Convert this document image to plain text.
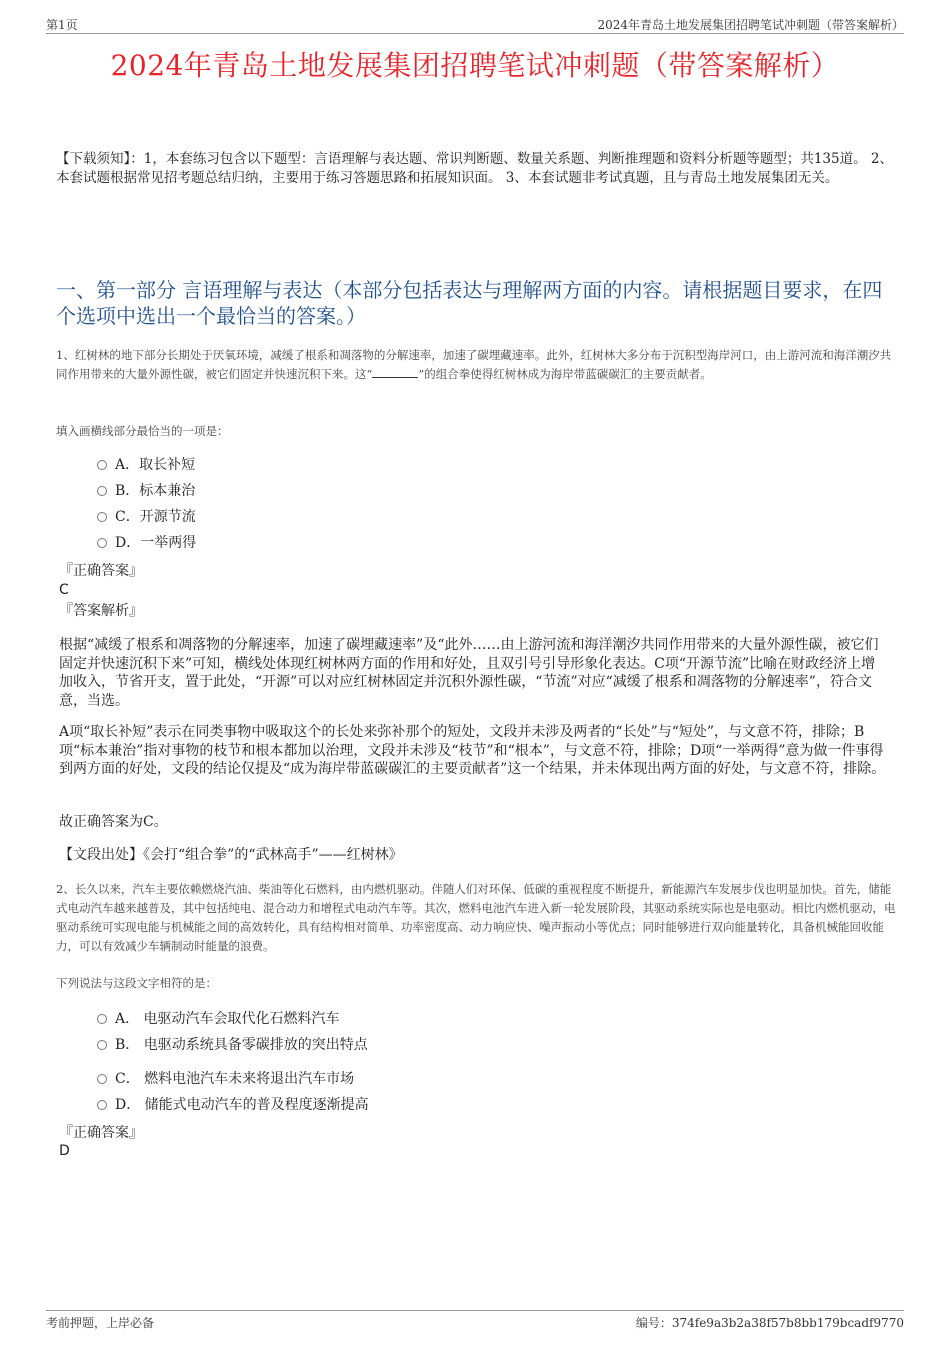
第1页	2024年青岛土地发展集团招聘笔试冲刺题（带答案解析）
2024年青岛土地发展集团招聘笔试冲刺题（带答案解析）
【下载须知】：1，本套练习包含以下题型：言语理解与表达题、常识判断题、数量关系题、判断推理题和资料分析题等题型；共135道。 2、本套试题根据常见招考题总结归纳，主要用于练习答题思路和拓展知识面。 3、本套试题非考试真题，且与青岛土地发展集团无关。
一、第一部分 言语理解与表达（本部分包括表达与理解两方面的内容。请根据题目要求，在四个选项中选出一个最恰当的答案。）
1、红树林的地下部分长期处于厌氧环境，减缓了根系和凋落物的分解速率，加速了碳埋藏速率。此外，红树林大多分布于沉积型海岸河口，由上游河流和海洋潮汐共同作用带来的大量外源性碳，被它们固定并快速沉积下来。这“	”的组合拳使得红树林成为海岸带蓝碳碳汇的主要贡献者。
填入画横线部分最恰当的一项是：
A．取长补短
B．标本兼治
C．开源节流
D．一举两得
『正确答案』
C
『答案解析』
根据“减缓了根系和凋落物的分解速率，加速了碳埋藏速率”及“此外……由上游河流和海洋潮汐共同作用带来的大量外源性碳，被它们固定并快速沉积下来”可知，横线处体现红树林两方面的作用和好处，且双引号引导形象化表达。C项“开源节流”比喻在财政经济上增加收入，节省开支，置于此处，“开源”可以对应红树林固定并沉积外源性碳，“节流”对应“减缓了根系和凋落物的分解速率”，符合文意，当选。
A项“取长补短”表示在同类事物中吸取这个的长处来弥补那个的短处，文段并未涉及两者的“长处”与“短处”，与文意不符，排除；B项“标本兼治”指对事物的枝节和根本都加以治理，文段并未涉及“枝节”和“根本”，与文意不符，排除；D项“一举两得”意为做一件事得到两方面的好处，文段的结论仅提及“成为海岸带蓝碳碳汇的主要贡献者”这一个结果，并未体现出两方面的好处，与文意不符，排除。
故正确答案为C。
【文段出处】《会打“组合拳”的“武林高手”——红树林》
2、长久以来，汽车主要依赖燃烧汽油、柴油等化石燃料，由内燃机驱动。伴随人们对环保、低碳的重视程度不断提升，新能源汽车发展步伐也明显加快。首先，储能式电动汽车越来越普及，其中包括纯电、混合动力和增程式电动汽车等。其次，燃料电池汽车进入新一轮发展阶段，其驱动系统实际也是电驱动。相比内燃机驱动，电驱动系统可实现电能与机械能之间的高效转化，具有结构相对简单、功率密度高、动力响应快、噪声振动小等优点；同时能够进行双向能量转化，具备机械能回收能力，可以有效减少车辆制动时能量的浪费。
下列说法与这段文字相符的是：
A． 电驱动汽车会取代化石燃料汽车
B． 电驱动系统具备零碳排放的突出特点
C． 燃料电池汽车未来将退出汽车市场
D． 储能式电动汽车的普及程度逐渐提高
『正确答案』
D
考前押题，上岸必备	编号：374fe9a3b2a38f57b8bb179bcadf9770
